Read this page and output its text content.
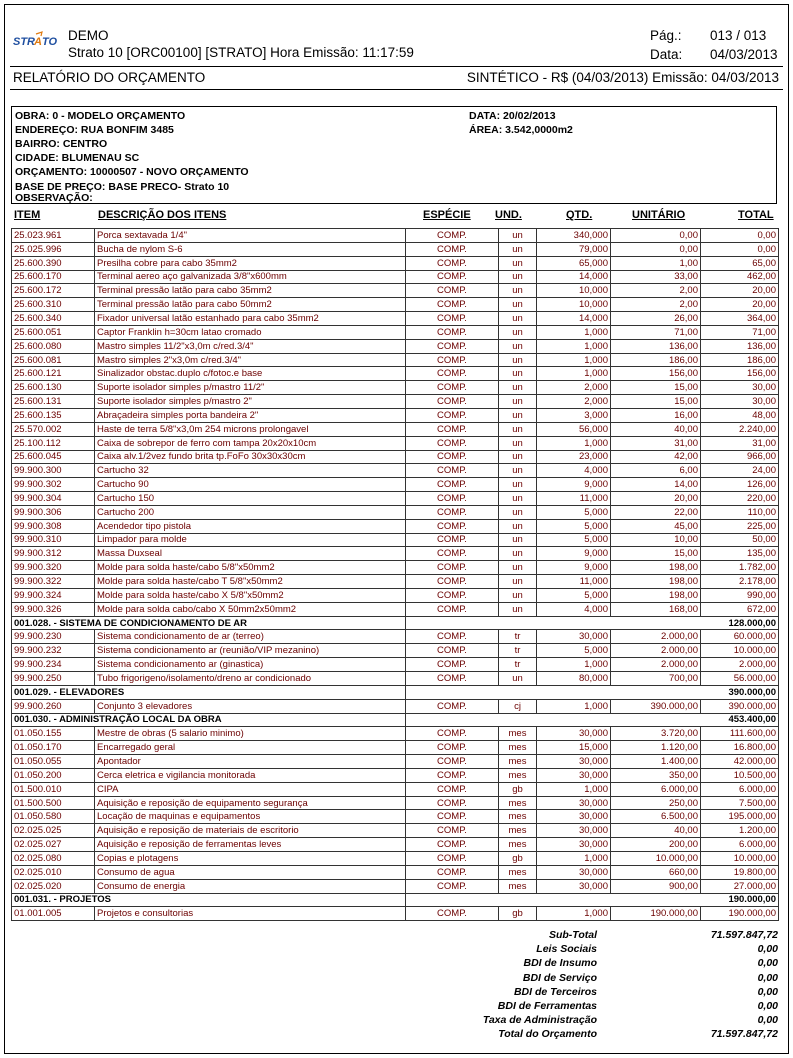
STR A TO DEMO
Strato 10 [ORC00100] [STRATO] Hora Emissão: 11:17:59
Pág.: 013 / 013
Data: 04/03/2013
RELATÓRIO DO ORÇAMENTO	SINTÉTICO - R$ (04/03/2013) Emissão: 04/03/2013
OBRA: 0 - MODELO ORÇAMENTO
ENDEREÇO: RUA BONFIM 3485
BAIRRO: CENTRO
CIDADE: BLUMENAU SC
ORÇAMENTO: 10000507 - NOVO ORÇAMENTO
BASE DE PREÇO: BASE PRECO- Strato 10
OBSERVAÇÃO:
DATA: 20/02/2013
ÁREA: 3.542,0000m2
ITEM	DESCRIÇÃO DOS ITENS	ESPÉCIE UND.	QTD.	UNITÁRIO	TOTAL
25.023.961	Porca sextavada 1/4"	COMP.	un	340,000	0,00	0,00
25.025.996	Bucha de nylom S-6	COMP.	un	79,000	0,00	0,00
25.600.390	Presilha cobre para cabo 35mm2	COMP.	un	65,000	1,00	65,00
25.600.170	Terminal aereo aço galvanizada 3/8"x600mm	COMP.	un	14,000	33,00	462,00
25.600.172	Terminal pressão latão para cabo 35mm2	COMP.	un	10,000	2,00	20,00
25.600.310	Terminal pressão latão para cabo 50mm2	COMP.	un	10,000	2,00	20,00
25.600.340	Fixador universal latão estanhado para cabo 35mm2	COMP.	un	14,000	26,00	364,00
25.600.051	Captor Franklin h=30cm latao cromado	COMP.	un	1,000	71,00	71,00
25.600.080	Mastro simples 11/2"x3,0m c/red.3/4"	COMP.	un	1,000	136,00	136,00
25.600.081	Mastro simples 2"x3,0m c/red.3/4"	COMP.	un	1,000	186,00	186,00
25.600.121	Sinalizador obstac.duplo c/fotoc.e base	COMP.	un	1,000	156,00	156,00
25.600.130	Suporte isolador simples p/mastro 11/2"	COMP.	un	2,000	15,00	30,00
25.600.131	Suporte isolador simples p/mastro 2"	COMP.	un	2,000	15,00	30,00
25.600.135	Abraçadeira simples porta bandeira 2"	COMP.	un	3,000	16,00	48,00
25.570.002	Haste de terra 5/8"x3,0m 254 microns prolongavel	COMP.	un	56,000	40,00	2.240,00
25.100.112	Caixa de sobrepor de ferro com tampa 20x20x10cm	COMP.	un	1,000	31,00	31,00
25.600.045	Caixa alv.1/2vez fundo brita tp.FoFo 30x30x30cm	COMP.	un	23,000	42,00	966,00
99.900.300	Cartucho 32	COMP.	un	4,000	6,00	24,00
99.900.302	Cartucho 90	COMP.	un	9,000	14,00	126,00
99.900.304	Cartucho 150	COMP.	un	11,000	20,00	220,00
99.900.306	Cartucho 200	COMP.	un	5,000	22,00	110,00
99.900.308	Acendedor tipo pistola	COMP.	un	5,000	45,00	225,00
99.900.310	Limpador para molde	COMP.	un	5,000	10,00	50,00
99.900.312	Massa Duxseal	COMP.	un	9,000	15,00	135,00
99.900.320	Molde para solda haste/cabo 5/8"x50mm2	COMP.	un	9,000	198,00	1.782,00
99.900.322	Molde para solda haste/cabo T 5/8"x50mm2	COMP.	un	11,000	198,00	2.178,00
99.900.324	Molde para solda haste/cabo X 5/8"x50mm2	COMP.	un	5,000	198,00	990,00
99.900.326	Molde para solda cabo/cabo X 50mm2x50mm2	COMP.	un	4,000	168,00	672,00
001.028. - SISTEMA DE CONDICIONAMENTO DE AR		128.000,00				
99.900.230	Sistema condicionamento de ar (terreo)	COMP.	tr	30,000	2.000,00	60.000,00
99.900.232	Sistema condicionamento ar (reunião/VIP mezanino)	COMP.	tr	5,000	2.000,00	10.000,00
99.900.234	Sistema condicionamento ar (ginastica)	COMP.	tr	1,000	2.000,00	2.000,00
99.900.250	Tubo frigorigeno/isolamento/dreno ar condicionado	COMP.	un	80,000	700,00	56.000,00
001.029. - ELEVADORES		390.000,00				
99.900.260	Conjunto 3 elevadores	COMP.	cj	1,000	390.000,00	390.000,00
001.030. - ADMINISTRAÇÃO LOCAL DA OBRA		453.400,00				
01.050.155	Mestre de obras (5 salario minimo)	COMP.	mes	30,000	3.720,00	111.600,00
01.050.170	Encarregado geral	COMP.	mes	15,000	1.120,00	16.800,00
01.050.055	Apontador	COMP.	mes	30,000	1.400,00	42.000,00
01.050.200	Cerca eletrica e vigilancia monitorada	COMP.	mes	30,000	350,00	10.500,00
01.500.010	CIPA	COMP.	gb	1,000	6.000,00	6.000,00
01.500.500	Aquisição e reposição de equipamento segurança	COMP.	mes	30,000	250,00	7.500,00
01.050.580	Locação de maquinas e equipamentos	COMP.	mes	30,000	6.500,00	195.000,00
02.025.025	Aquisição e reposição de materiais de escritorio	COMP.	mes	30,000	40,00	1.200,00
02.025.027	Aquisição e reposição de ferramentas leves	COMP.	mes	30,000	200,00	6.000,00
02.025.080	Copias e plotagens	COMP.	gb	1,000	10.000,00	10.000,00
02.025.010	Consumo de agua	COMP.	mes	30,000	660,00	19.800,00
02.025.020	Consumo de energia	COMP.	mes	30,000	900,00	27.000,00
001.031. - PROJETOS		190.000,00				
01.001.005	Projetos e consultorias	COMP.	gb	1,000	190.000,00	190.000,00
Sub-Total	71.597.847,72
Leis Sociais	0,00
BDI de Insumo	0,00
BDI de Serviço	0,00
BDI de Terceiros	0,00
BDI de Ferramentas	0,00
Taxa de Administração	0,00
Total do Orçamento	71.597.847,72
